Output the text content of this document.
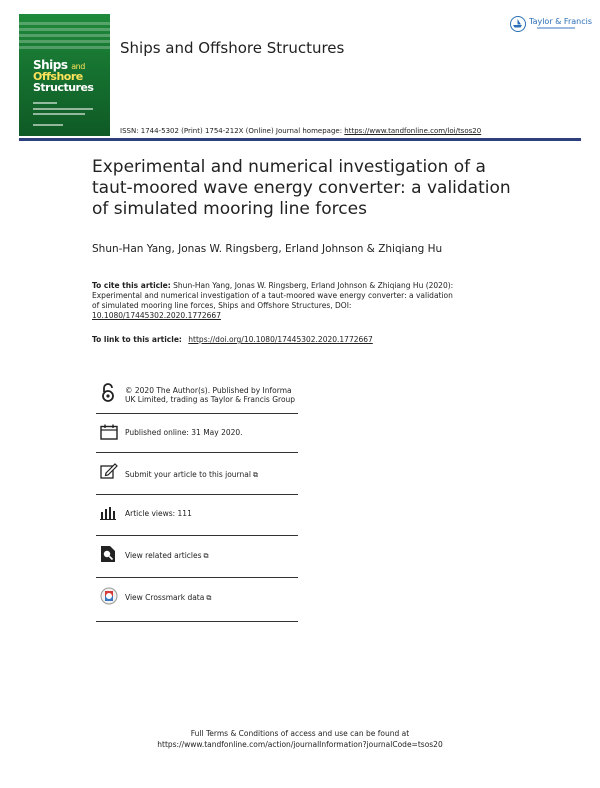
Ships and
Offshore
Structures
Ships and Offshore Structures
Taylor & Francis
ISSN: 1744-5302 (Print) 1754-212X (Online) Journal homepage: https://www.tandfonline.com/loi/tsos20
Experimental and numerical investigation of a taut-moored wave energy converter: a validation of simulated mooring line forces
Shun-Han Yang, Jonas W. Ringsberg, Erland Johnson & Zhiqiang Hu
To cite this article: Shun-Han Yang, Jonas W. Ringsberg, Erland Johnson & Zhiqiang Hu (2020): Experimental and numerical investigation of a taut-moored wave energy converter: a validation of simulated mooring line forces, Ships and Offshore Structures, DOI: 10.1080/17445302.2020.1772667
To link to this article: https://doi.org/10.1080/17445302.2020.1772667
© 2020 The Author(s). Published by Informa UK Limited, trading as Taylor & Francis Group
Published online: 31 May 2020.
Submit your article to this journal ⧉
Article views: 111
View related articles ⧉
View Crossmark data ⧉
Full Terms & Conditions of access and use can be found at
https://www.tandfonline.com/action/journalInformation?journalCode=tsos20
